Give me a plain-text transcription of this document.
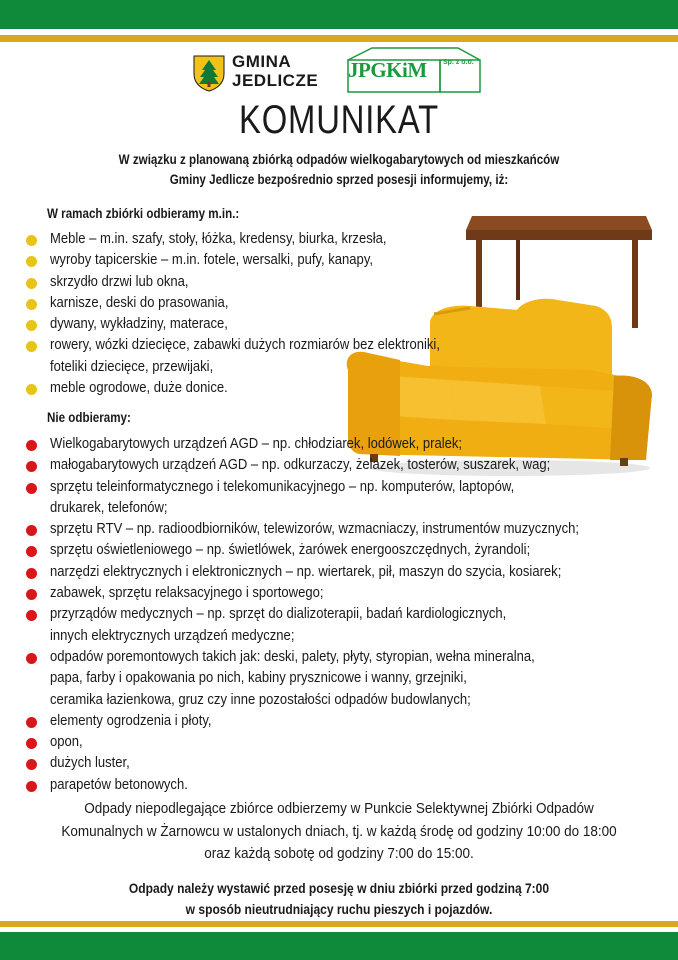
GMINA
JEDLICZE JPGKiM Sp. z o.o.
KOMUNIKAT
W związku z planowaną zbiórką odpadów wielkogabarytowych od mieszkańców
Gminy Jedlicze bezpośrednio sprzed posesji informujemy, iż:
W ramach zbiórki odbieramy m.in.:
Meble – m.in. szafy, stoły, łóżka, kredensy, biurka, krzesła,
wyroby tapicerskie – m.in. fotele, wersalki, pufy, kanapy,
skrzydło drzwi lub okna,
karnisze, deski do prasowania,
dywany, wykładziny, materace,
rowery, wózki dziecięce, zabawki dużych rozmiarów bez elektroniki,
foteliki dziecięce, przewijaki,
meble ogrodowe, duże donice.
Nie odbieramy:
Wielkogabarytowych urządzeń AGD – np. chłodziarek, lodówek, pralek;
małogabarytowych urządzeń AGD – np. odkurzaczy, żelazek, tosterów, suszarek, wag;
sprzętu teleinformatycznego i telekomunikacyjnego – np. komputerów, laptopów,
drukarek, telefonów;
sprzętu RTV – np. radioodbiorników, telewizorów, wzmacniaczy, instrumentów muzycznych;
sprzętu oświetleniowego – np. świetlówek, żarówek energooszczędnych, żyrandoli;
narzędzi elektrycznych i elektronicznych – np. wiertarek, pił, maszyn do szycia, kosiarek;
zabawek, sprzętu relaksacyjnego i sportowego;
przyrządów medycznych – np. sprzęt do dializoterapii, badań kardiologicznych,
innych elektrycznych urządzeń medyczne;
odpadów poremontowych takich jak: deski, palety, płyty, styropian, wełna mineralna,
papa, farby i opakowania po nich, kabiny prysznicowe i wanny, grzejniki,
ceramika łazienkowa, gruz czy inne pozostałości odpadów budowlanych;
elementy ogrodzenia i płoty,
opon,
dużych luster,
parapetów betonowych.
Odpady niepodlegające zbiórce odbierzemy w Punkcie Selektywnej Zbiórki Odpadów
Komunalnych w Żarnowcu w ustalonych dniach, tj. w każdą środę od godziny 10:00 do 18:00
oraz każdą sobotę od godziny 7:00 do 15:00.
Odpady należy wystawić przed posesję w dniu zbiórki przed godziną 7:00
w sposób nieutrudniający ruchu pieszych i pojazdów.
